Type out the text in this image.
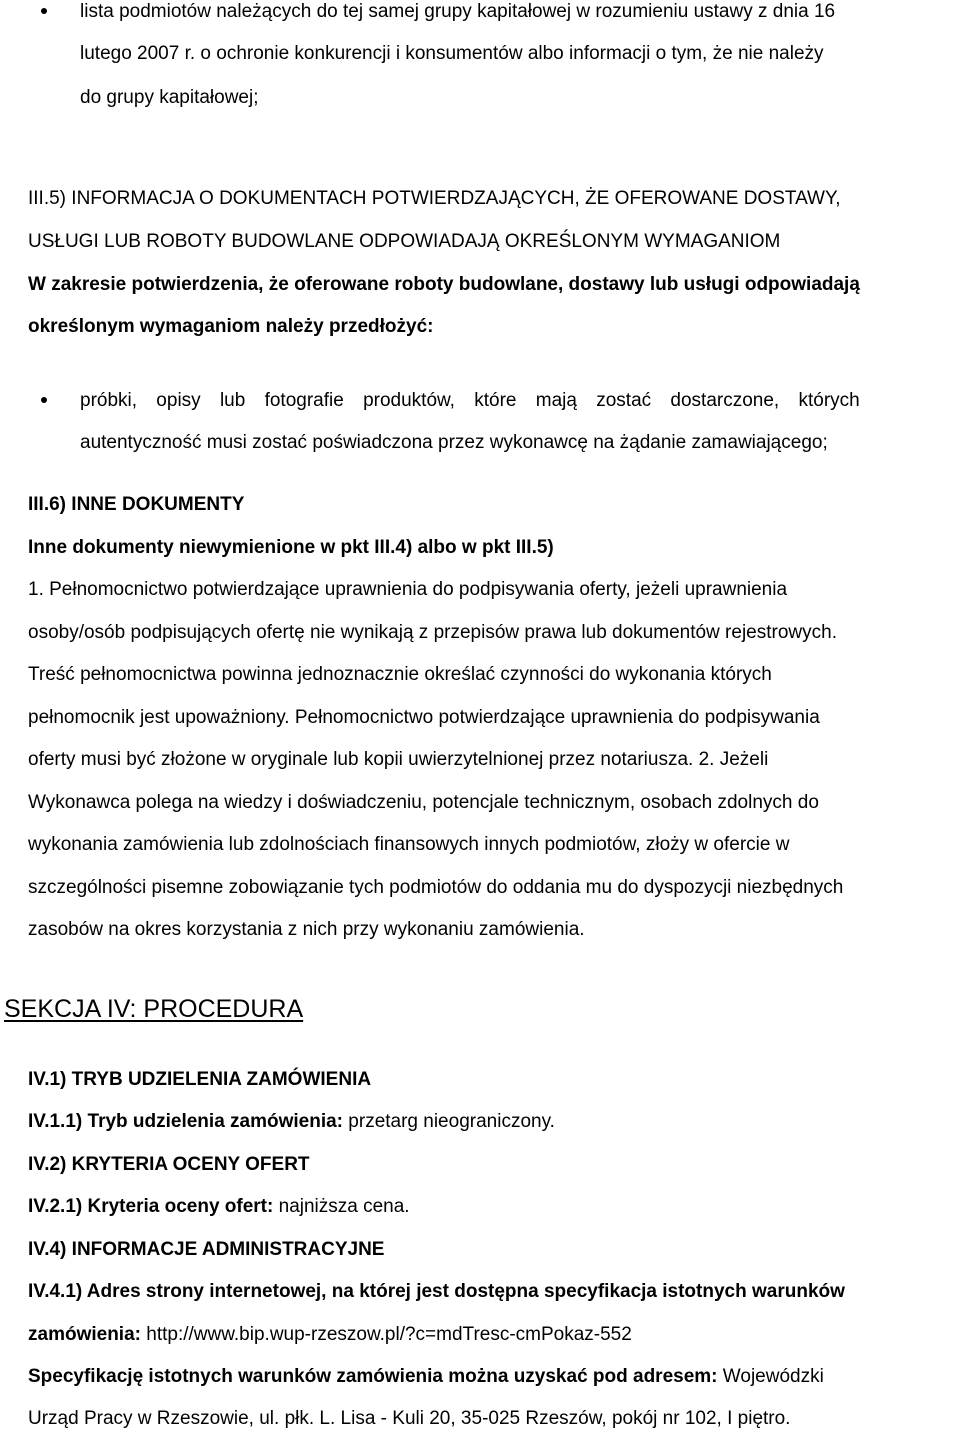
lista podmiotów należących do tej samej grupy kapitałowej w rozumieniu ustawy z dnia 16
lutego 2007 r. o ochronie konkurencji i konsumentów albo informacji o tym, że nie należy
do grupy kapitałowej;
III.5) INFORMACJA O DOKUMENTACH POTWIERDZAJĄCYCH, ŻE OFEROWANE DOSTAWY,
USŁUGI LUB ROBOTY BUDOWLANE ODPOWIADAJĄ OKREŚLONYM WYMAGANIOM
W zakresie potwierdzenia, że oferowane roboty budowlane, dostawy lub usługi odpowiadają
określonym wymaganiom należy przedłożyć:
próbki, opisy lub fotografie produktów, które mają zostać dostarczone, których
autentyczność musi zostać poświadczona przez wykonawcę na żądanie zamawiającego;
III.6) INNE DOKUMENTY
Inne dokumenty niewymienione w pkt III.4) albo w pkt III.5)
1. Pełnomocnictwo potwierdzające uprawnienia do podpisywania oferty, jeżeli uprawnienia
osoby/osób podpisujących ofertę nie wynikają z przepisów prawa lub dokumentów rejestrowych.
Treść pełnomocnictwa powinna jednoznacznie określać czynności do wykonania których
pełnomocnik jest upoważniony. Pełnomocnictwo potwierdzające uprawnienia do podpisywania
oferty musi być złożone w oryginale lub kopii uwierzytelnionej przez notariusza. 2. Jeżeli
Wykonawca polega na wiedzy i doświadczeniu, potencjale technicznym, osobach zdolnych do
wykonania zamówienia lub zdolnościach finansowych innych podmiotów, złoży w ofercie w
szczególności pisemne zobowiązanie tych podmiotów do oddania mu do dyspozycji niezbędnych
zasobów na okres korzystania z nich przy wykonaniu zamówienia.
SEKCJA IV: PROCEDURA
IV.1) TRYB UDZIELENIA ZAMÓWIENIA
IV.1.1) Tryb udzielenia zamówienia: przetarg nieograniczony.
IV.2) KRYTERIA OCENY OFERT
IV.2.1) Kryteria oceny ofert: najniższa cena.
IV.4) INFORMACJE ADMINISTRACYJNE
IV.4.1) Adres strony internetowej, na której jest dostępna specyfikacja istotnych warunków
zamówienia: http://www.bip.wup-rzeszow.pl/?c=mdTresc-cmPokaz-552
Specyfikację istotnych warunków zamówienia można uzyskać pod adresem: Wojewódzki
Urząd Pracy w Rzeszowie, ul. płk. L. Lisa - Kuli 20, 35-025 Rzeszów, pokój nr 102, I piętro.
